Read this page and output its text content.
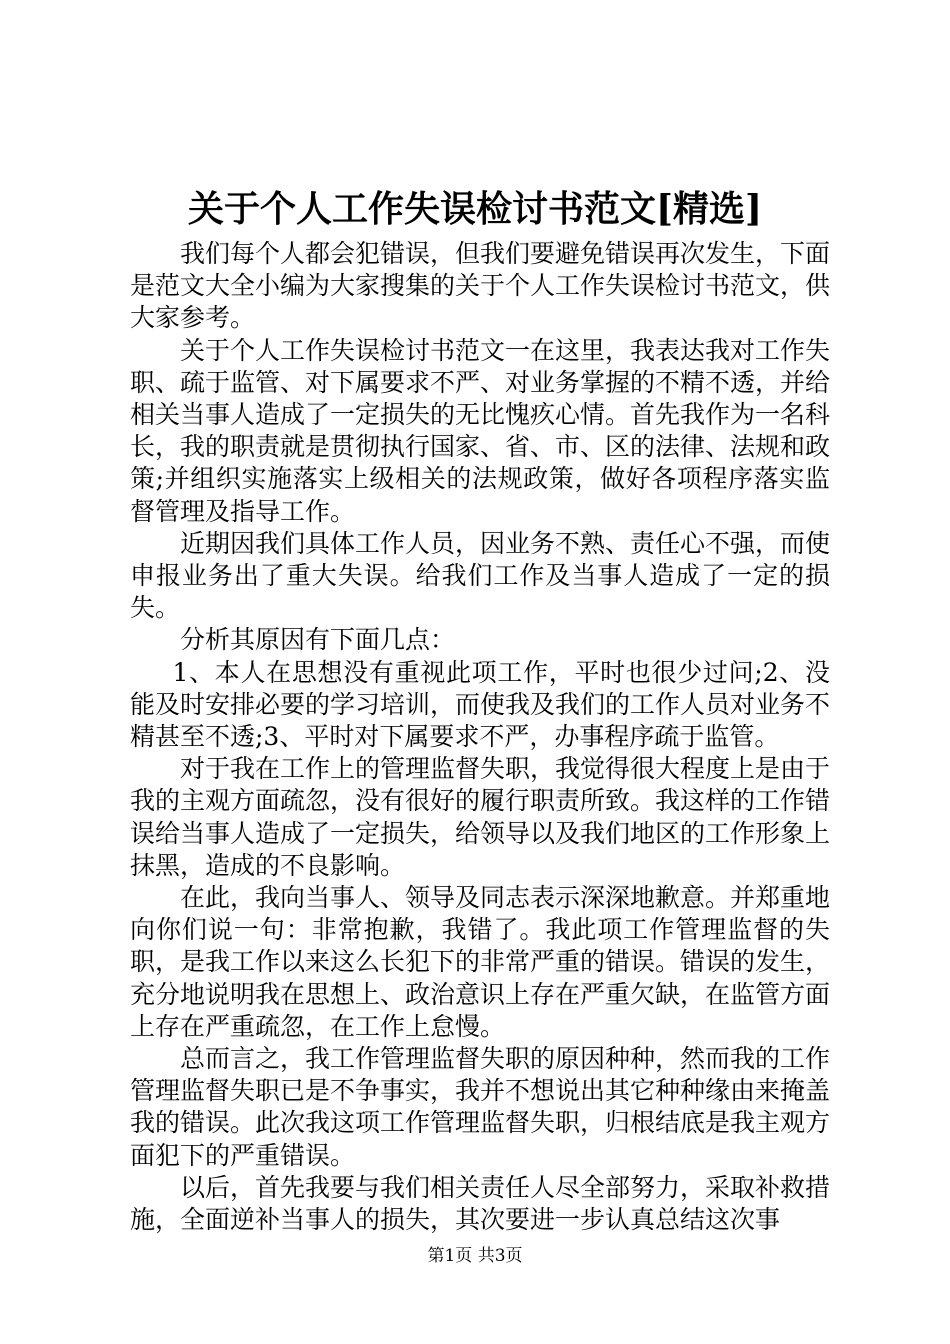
关于个人工作失误检讨书范文[精选]

我们每个人都会犯错误，但我们要避免错误再次发生，下面是范文大全小编为大家搜集的关于个人工作失误检讨书范文，供大家参考。

关于个人工作失误检讨书范文一在这里，我表达我对工作失职、疏于监管、对下属要求不严、对业务掌握的不精不透，并给相关当事人造成了一定损失的无比愧疚心情。首先我作为一名科长，我的职责就是贯彻执行国家、省、市、区的法律、法规和政策;并组织实施落实上级相关的法规政策，做好各项程序落实监督管理及指导工作。

近期因我们具体工作人员，因业务不熟、责任心不强，而使申报业务出了重大失误。给我们工作及当事人造成了一定的损失。

分析其原因有下面几点：

1、本人在思想没有重视此项工作，平时也很少过问;2、没能及时安排必要的学习培训，而使我及我们的工作人员对业务不精甚至不透;3、平时对下属要求不严，办事程序疏于监管。

对于我在工作上的管理监督失职，我觉得很大程度上是由于我的主观方面疏忽，没有很好的履行职责所致。我这样的工作错误给当事人造成了一定损失，给领导以及我们地区的工作形象上抹黑，造成的不良影响。

在此，我向当事人、领导及同志表示深深地歉意。并郑重地向你们说一句：非常抱歉，我错了。我此项工作管理监督的失职，是我工作以来这么长犯下的非常严重的错误。错误的发生，充分地说明我在思想上、政治意识上存在严重欠缺，在监管方面上存在严重疏忽，在工作上怠慢。

总而言之，我工作管理监督失职的原因种种，然而我的工作管理监督失职已是不争事实，我并不想说出其它种种缘由来掩盖我的错误。此次我这项工作管理监督失职，归根结底是我主观方面犯下的严重错误。

以后，首先我要与我们相关责任人尽全部努力，采取补救措施，全面逆补当事人的损失，其次要进一步认真总结这次事

第1页 共3页
